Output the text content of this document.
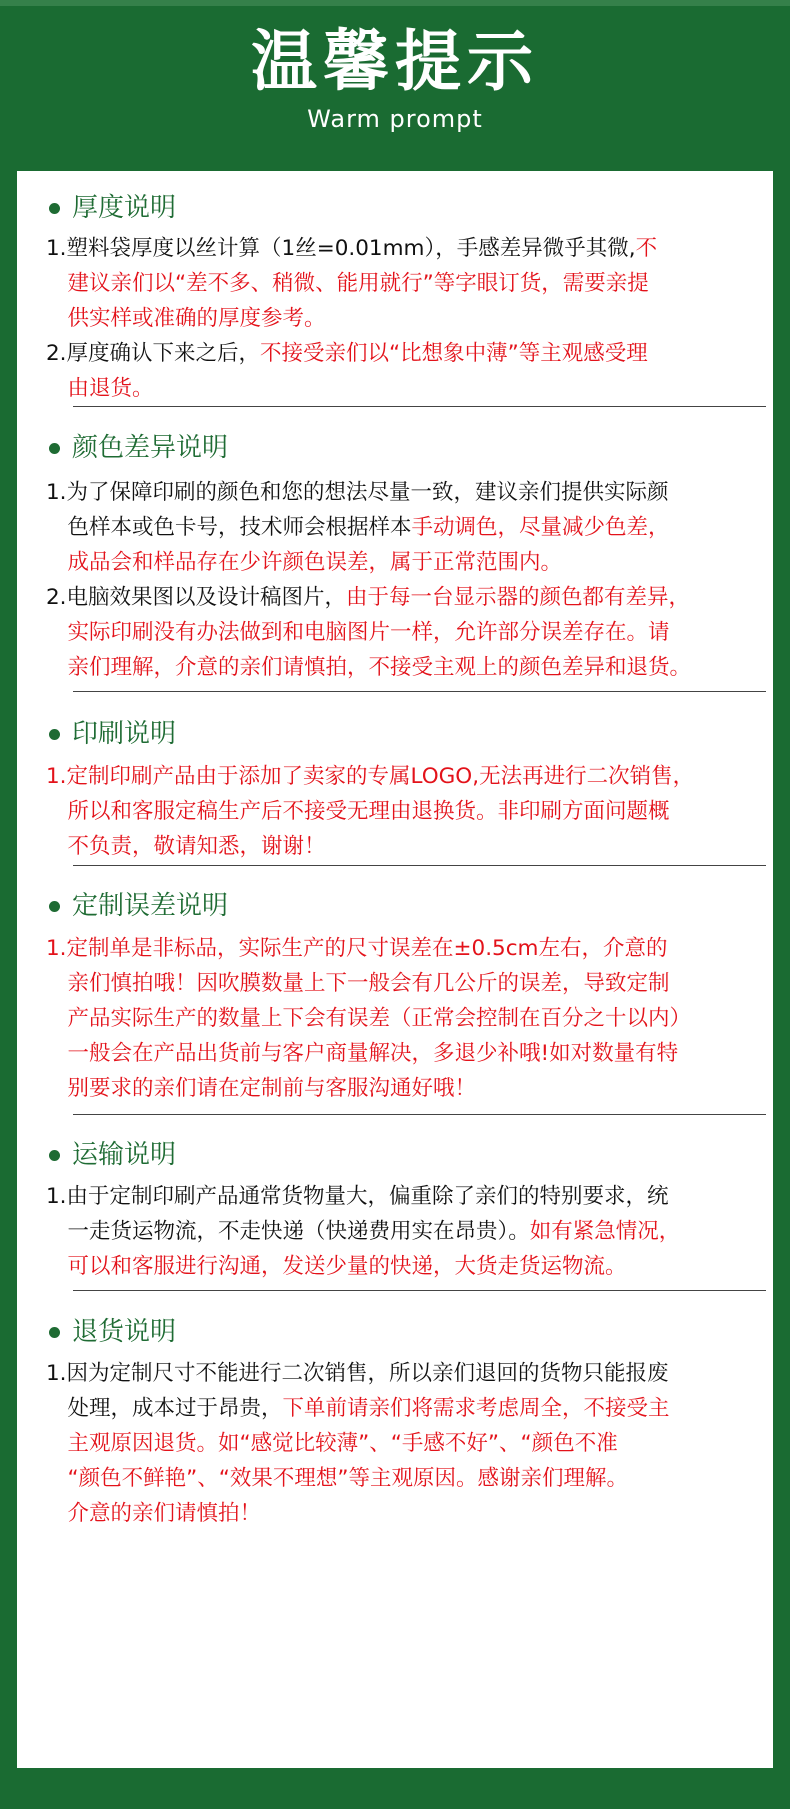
温馨提示
Warm prompt
厚度说明
1.塑料袋厚度以丝计算（1丝=0.01mm），手感差异微乎其微,不
　建议亲们以“差不多、稍微、能用就行”等字眼订货，需要亲提
　供实样或准确的厚度参考。
2.厚度确认下来之后，不接受亲们以“比想象中薄”等主观感受理
　由退货。
颜色差异说明
1.为了保障印刷的颜色和您的想法尽量一致，建议亲们提供实际颜
　色样本或色卡号，技术师会根据样本手动调色，尽量减少色差，
　成品会和样品存在少许颜色误差，属于正常范围内。
2.电脑效果图以及设计稿图片，由于每一台显示器的颜色都有差异，
　实际印刷没有办法做到和电脑图片一样，允许部分误差存在。请
　亲们理解，介意的亲们请慎拍，不接受主观上的颜色差异和退货。
印刷说明
1.定制印刷产品由于添加了卖家的专属LOGO,无法再进行二次销售，
　所以和客服定稿生产后不接受无理由退换货。非印刷方面问题概
　不负责，敬请知悉，谢谢！
定制误差说明
1.定制单是非标品，实际生产的尺寸误差在±0.5cm左右，介意的
　亲们慎拍哦！因吹膜数量上下一般会有几公斤的误差，导致定制
　产品实际生产的数量上下会有误差（正常会控制在百分之十以内）
　一般会在产品出货前与客户商量解决，多退少补哦!如对数量有特
　别要求的亲们请在定制前与客服沟通好哦！
运输说明
1.由于定制印刷产品通常货物量大，偏重除了亲们的特别要求，统
　一走货运物流，不走快递（快递费用实在昂贵）。如有紧急情况，
　可以和客服进行沟通，发送少量的快递，大货走货运物流。
退货说明
1.因为定制尺寸不能进行二次销售，所以亲们退回的货物只能报废
　处理，成本过于昂贵，下单前请亲们将需求考虑周全，不接受主
　主观原因退货。如“感觉比较薄”、“手感不好”、“颜色不准
　“颜色不鲜艳”、“效果不理想”等主观原因。感谢亲们理解。
　介意的亲们请慎拍！
